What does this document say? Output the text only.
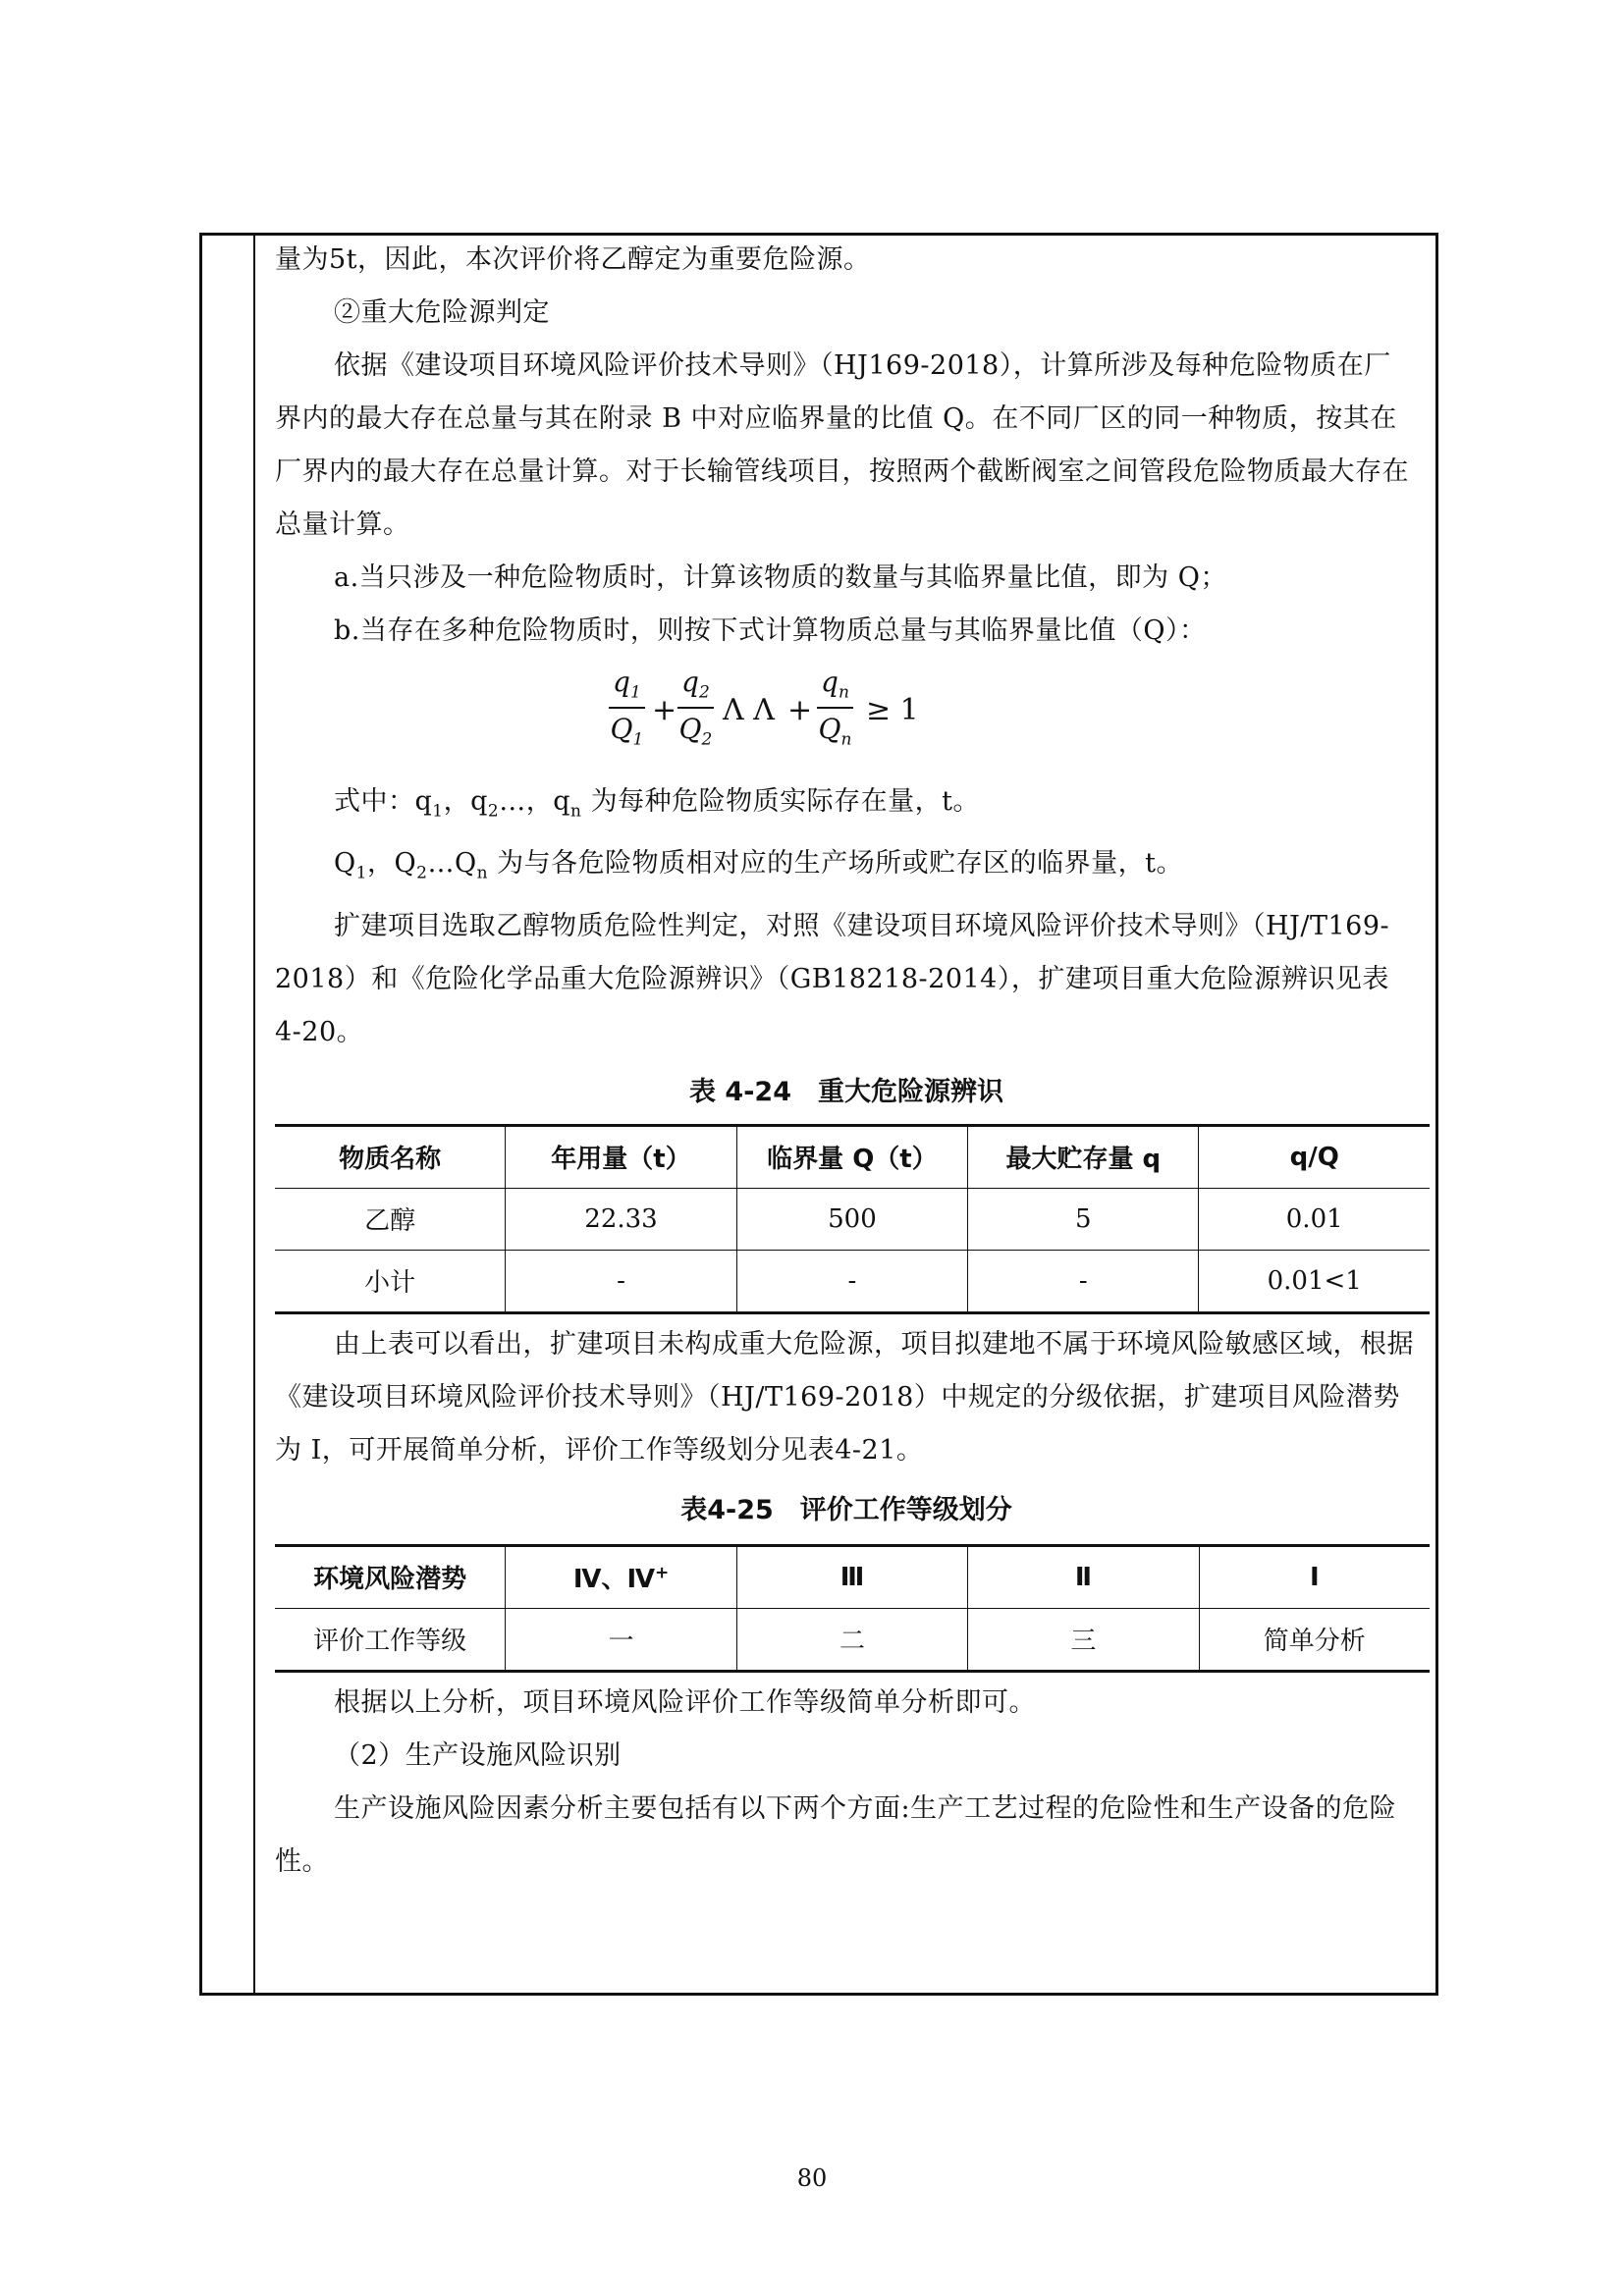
量为5t，因此，本次评价将乙醇定为重要危险源。

②重大危险源判定

依据《建设项目环境风险评价技术导则》（HJ169-2018），计算所涉及每种危险物质在厂界内的最大存在总量与其在附录 B 中对应临界量的比值 Q。在不同厂区的同一种物质，按其在厂界内的最大存在总量计算。对于长输管线项目，按照两个截断阀室之间管段危险物质最大存在总量计算。

a.当只涉及一种危险物质时，计算该物质的数量与其临界量比值，即为 Q；

b.当存在多种危险物质时，则按下式计算物质总量与其临界量比值（Q）：

$\frac{q_1}{Q_1} + \frac{q_2}{Q_2}$ Λ $\Lambda + \frac{q_n}{Q_n} \ge 1$

式中：$q_1$，$q_2\dots$，$q_n$ 为每种危险物质实际存在量，t。

$Q_1$，$Q_2\dots Q_n$ 为与各危险物质相对应的生产场所或贮存区的临界量，t。

扩建项目选取乙醇物质危险性判定，对照《建设项目环境风险评价技术导则》（HJ/T169-2018）和《危险化学品重大危险源辨识》（GB18218-2014），扩建项目重大危险源辨识见表 4-20。

表 4-24　重大危险源辨识
物质名称	年用量（t）	临界量 Q（t）	最大贮存量 q	q/Q
乙醇	22.33	500	5	0.01
小计	-	-	-	0.01<1

由上表可以看出，扩建项目未构成重大危险源，项目拟建地不属于环境风险敏感区域，根据《建设项目环境风险评价技术导则》（HJ/T169-2018）中规定的分级依据，扩建项目风险潜势为 I，可开展简单分析，评价工作等级划分见表4-21。

表4-25　评价工作等级划分
环境风险潜势	Ⅳ、Ⅳ+	Ⅲ	Ⅱ	Ⅰ
评价工作等级	一	二	三	简单分析

根据以上分析，项目环境风险评价工作等级简单分析即可。

（2）生产设施风险识别

生产设施风险因素分析主要包括有以下两个方面:生产工艺过程的危险性和生产设备的危险性。

80
